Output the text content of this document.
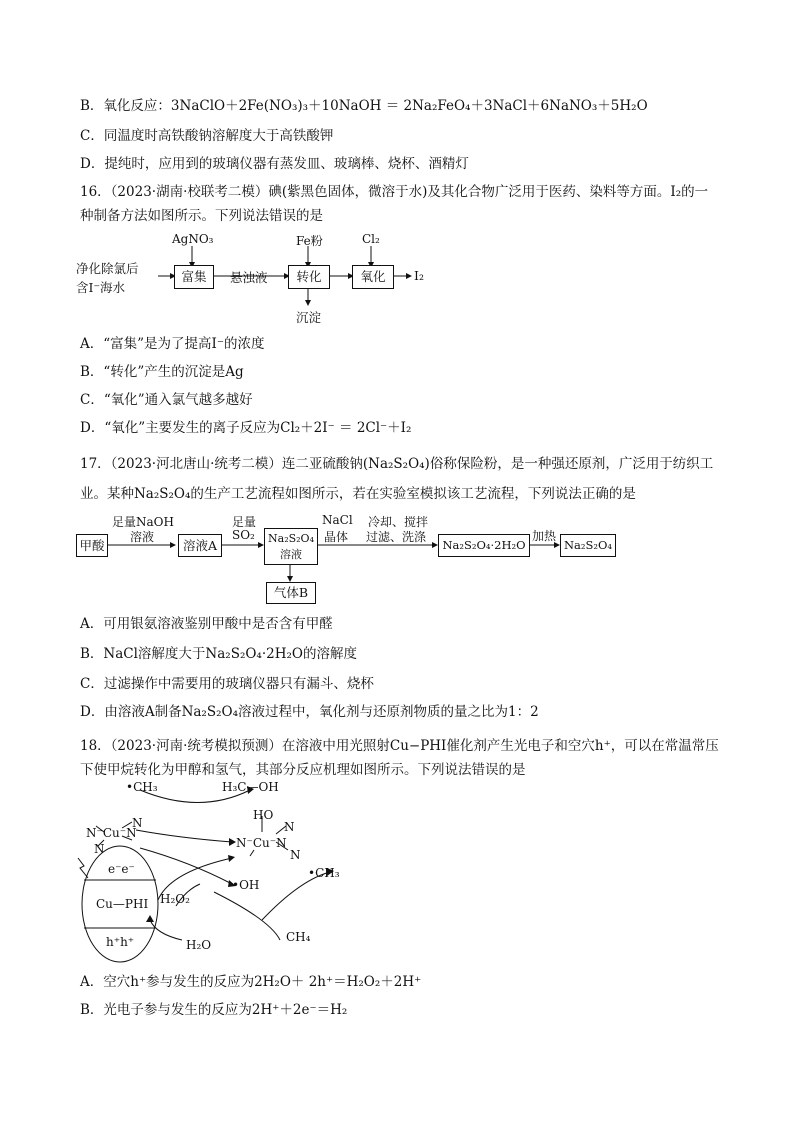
B．氧化反应：3NaClO＋2Fe(NO₃)₃＋10NaOH ＝ 2Na₂FeO₄＋3NaCl＋6NaNO₃＋5H₂O
C．同温度时高铁酸钠溶解度大于高铁酸钾
D．提纯时，应用到的玻璃仪器有蒸发皿、玻璃棒、烧杯、酒精灯
16．（2023·湖南·校联考二模）碘(紫黑色固体，微溶于水)及其化合物广泛用于医药、染料等方面。I₂的一
种制备方法如图所示。下列说法错误的是
净化除氯后
含I⁻海水
AgNO₃
富集	悬浊液
Fe粉
转化
沉淀
Cl₂
氧化	I₂
A．“富集”是为了提高I⁻的浓度
B．“转化”产生的沉淀是Ag
C．“氧化”通入氯气越多越好
D．“氧化”主要发生的离子反应为Cl₂＋2I⁻ ＝ 2Cl⁻＋I₂
17．（2023·河北唐山·统考二模）连二亚硫酸钠(Na₂S₂O₄)俗称保险粉，是一种强还原剂，广泛用于纺织工
业。某种Na₂S₂O₄的生产工艺流程如图所示，若在实验室模拟该工艺流程，下列说法正确的是
甲酸
足量NaOH
溶液
溶液A
足量
SO₂ Na₂S₂O₄
溶液
NaCl
晶体
冷却、搅拌
过滤、洗涤
Na₂S₂O₄·2H₂O
加热
Na₂S₂O₄
气体B
A．可用银氨溶液鉴别甲酸中是否含有甲醛
B．NaCl溶解度大于Na₂S₂O₄·2H₂O的溶解度
C．过滤操作中需要用的玻璃仪器只有漏斗、烧杯
D．由溶液A制备Na₂S₂O₄溶液过程中，氧化剂与还原剂物质的量之比为1：2
18．（2023·河南·统考模拟预测）在溶液中用光照射Cu−PHI催化剂产生光电子和空穴h⁺，可以在常温常压
下使甲烷转化为甲醇和氢气，其部分反应机理如图所示。下列说法错误的是
•CH₃	H₃C—OH
HO
N
N⁻Cu⁻N
N
N
N⁻Cu⁻N
N
e⁻e⁻
Cu—PHI
h⁺h⁺
H₂O₂
•OH
•CH₃
CH₄
H₂O
A．空穴h⁺参与发生的反应为2H₂O＋ 2h⁺＝H₂O₂＋2H⁺
B．光电子参与发生的反应为2H⁺＋2e⁻＝H₂
